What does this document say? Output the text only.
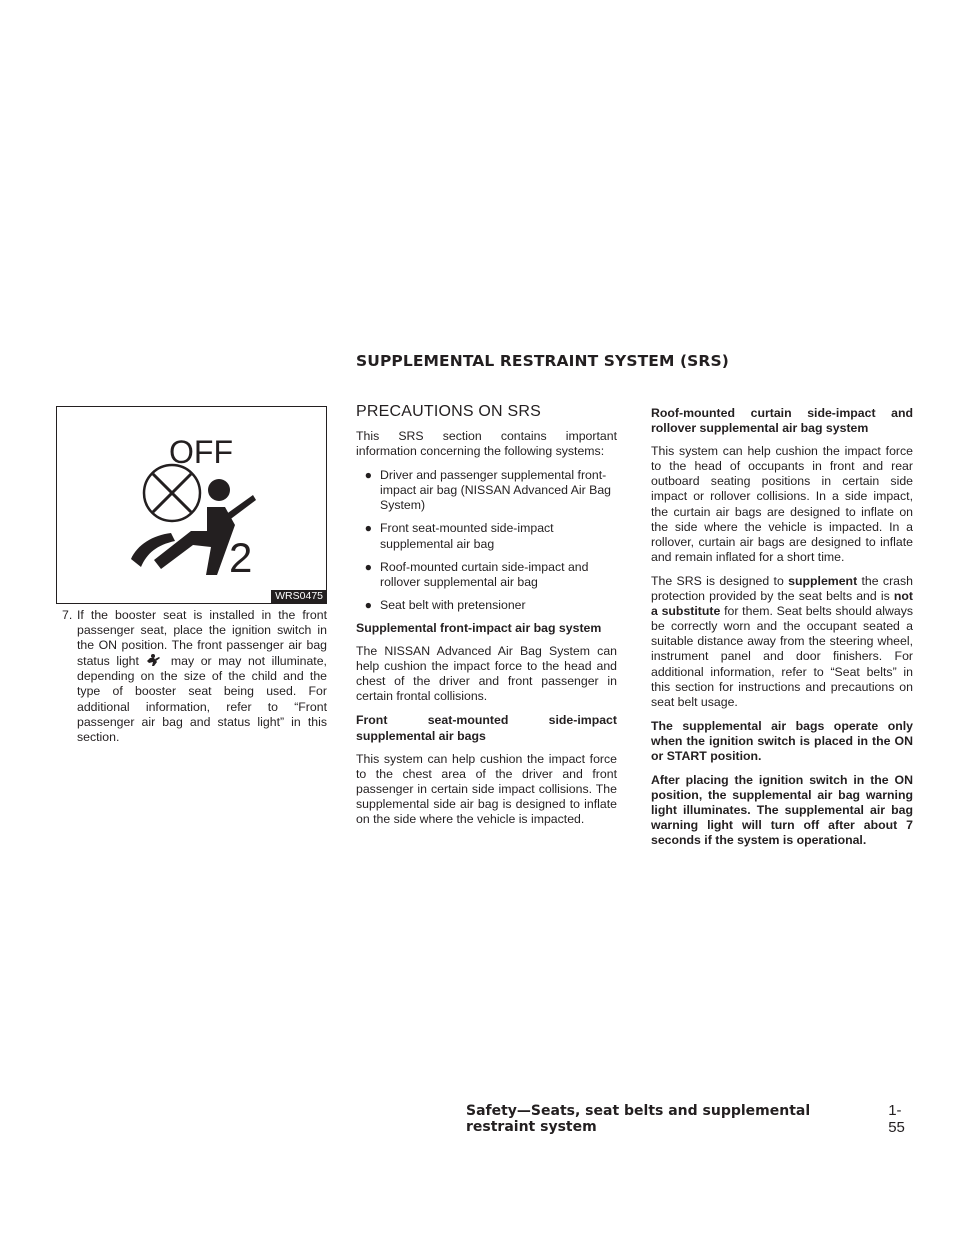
SUPPLEMENTAL RESTRAINT SYSTEM (SRS)
OFF
2
WRS0475
7. If the booster seat is installed in the front passenger seat, place the ignition switch in the ON position. The front passenger air bag status light	may or may not illuminate, depending on the size of the child and the type of booster seat being used. For additional information, refer to “Front passenger air bag and status light” in this section.
PRECAUTIONS ON SRS

This SRS section contains important information concerning the following systems:

● Driver and passenger supplemental front-impact air bag (NISSAN Advanced Air Bag System)
● Front seat-mounted side-impact supplemental air bag
● Roof-mounted curtain side-impact and rollover supplemental air bag
● Seat belt with pretensioner
Supplemental front-impact air bag system

The NISSAN Advanced Air Bag System can help cushion the impact force to the head and chest of the driver and front passenger in certain frontal collisions.

Front seat-mounted side-impact supplemental air bags

This system can help cushion the impact force to the chest area of the driver and front passenger in certain side impact collisions. The supplemental side air bag is designed to inflate on the side where the vehicle is impacted.

Roof-mounted curtain side-impact and rollover supplemental air bag system

This system can help cushion the impact force to the head of occupants in front and rear outboard seating positions in certain side impact or rollover collisions. In a side impact, the curtain air bags are designed to inflate on the side where the vehicle is impacted. In a rollover, curtain air bags are designed to inflate and remain inflated for a short time.

The SRS is designed to supplement the crash protection provided by the seat belts and is not a substitute for them. Seat belts should always be correctly worn and the occupant seated a suitable distance away from the steering wheel, instrument panel and door finishers. For additional information, refer to “Seat belts” in this section for instructions and precautions on seat belt usage.

The supplemental air bags operate only when the ignition switch is placed in the ON or START position.

After placing the ignition switch in the ON position, the supplemental air bag warning light illuminates. The supplemental air bag warning light will turn off after about 7 seconds if the system is operational.

Safety—Seats, seat belts and supplemental restraint system
1-55
